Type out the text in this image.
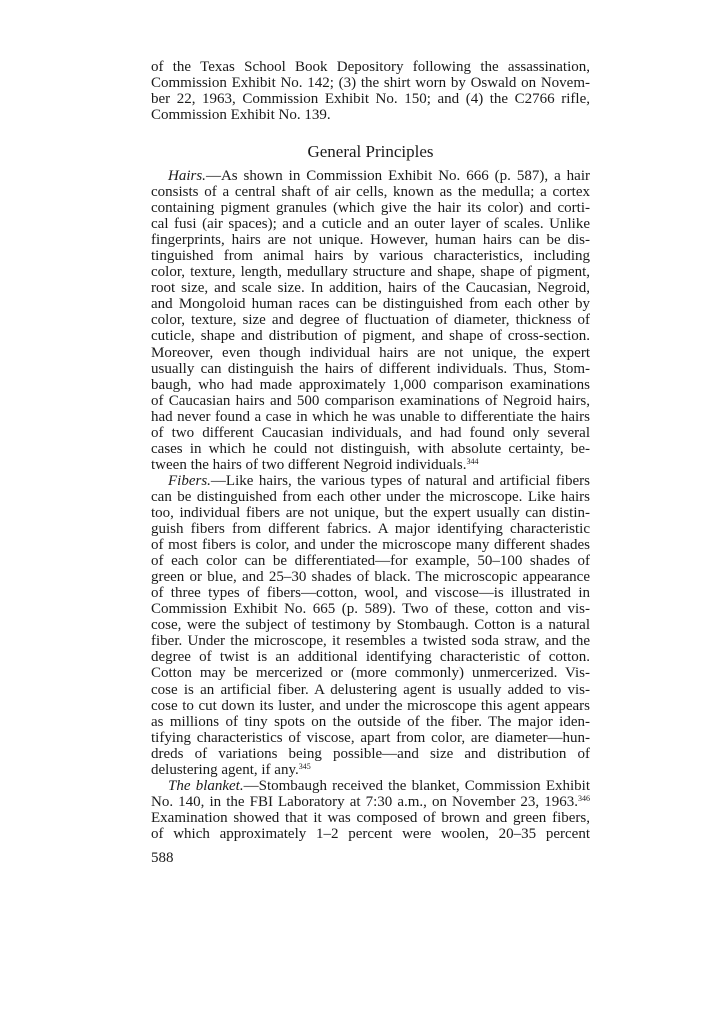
of the Texas School Book Depository following the assassination,
Commission Exhibit No. 142; (3) the shirt worn by Oswald on Novem-
ber 22, 1963, Commission Exhibit No. 150; and (4) the C2766 rifle,
Commission Exhibit No. 139.
General Principles
Hairs.—As shown in Commission Exhibit No. 666 (p. 587), a hair
consists of a central shaft of air cells, known as the medulla; a cortex
containing pigment granules (which give the hair its color) and corti-
cal fusi (air spaces); and a cuticle and an outer layer of scales. Unlike
fingerprints, hairs are not unique. However, human hairs can be dis-
tinguished from animal hairs by various characteristics, including
color, texture, length, medullary structure and shape, shape of pigment,
root size, and scale size. In addition, hairs of the Caucasian, Negroid,
and Mongoloid human races can be distinguished from each other by
color, texture, size and degree of fluctuation of diameter, thickness of
cuticle, shape and distribution of pigment, and shape of cross-section.
Moreover, even though individual hairs are not unique, the expert
usually can distinguish the hairs of different individuals. Thus, Stom-
baugh, who had made approximately 1,000 comparison examinations
of Caucasian hairs and 500 comparison examinations of Negroid hairs,
had never found a case in which he was unable to differentiate the hairs
of two different Caucasian individuals, and had found only several
cases in which he could not distinguish, with absolute certainty, be-
tween the hairs of two different Negroid individuals.$^{344}$
Fibers.—Like hairs, the various types of natural and artificial fibers
can be distinguished from each other under the microscope. Like hairs
too, individual fibers are not unique, but the expert usually can distin-
guish fibers from different fabrics. A major identifying characteristic
of most fibers is color, and under the microscope many different shades
of each color can be differentiated—for example, 50–100 shades of
green or blue, and 25–30 shades of black. The microscopic appearance
of three types of fibers—cotton, wool, and viscose—is illustrated in
Commission Exhibit No. 665 (p. 589). Two of these, cotton and vis-
cose, were the subject of testimony by Stombaugh. Cotton is a natural
fiber. Under the microscope, it resembles a twisted soda straw, and the
degree of twist is an additional identifying characteristic of cotton.
Cotton may be mercerized or (more commonly) unmercerized. Vis-
cose is an artificial fiber. A delustering agent is usually added to vis-
cose to cut down its luster, and under the microscope this agent appears
as millions of tiny spots on the outside of the fiber. The major iden-
tifying characteristics of viscose, apart from color, are diameter—hun-
dreds of variations being possible—and size and distribution of
delustering agent, if any.$^{345}$
The blanket.—Stombaugh received the blanket, Commission Exhibit
No. 140, in the FBI Laboratory at 7:30 a.m., on November 23, 1963.$^{346}$
Examination showed that it was composed of brown and green fibers,
of which approximately 1–2 percent were woolen, 20–35 percent
588
